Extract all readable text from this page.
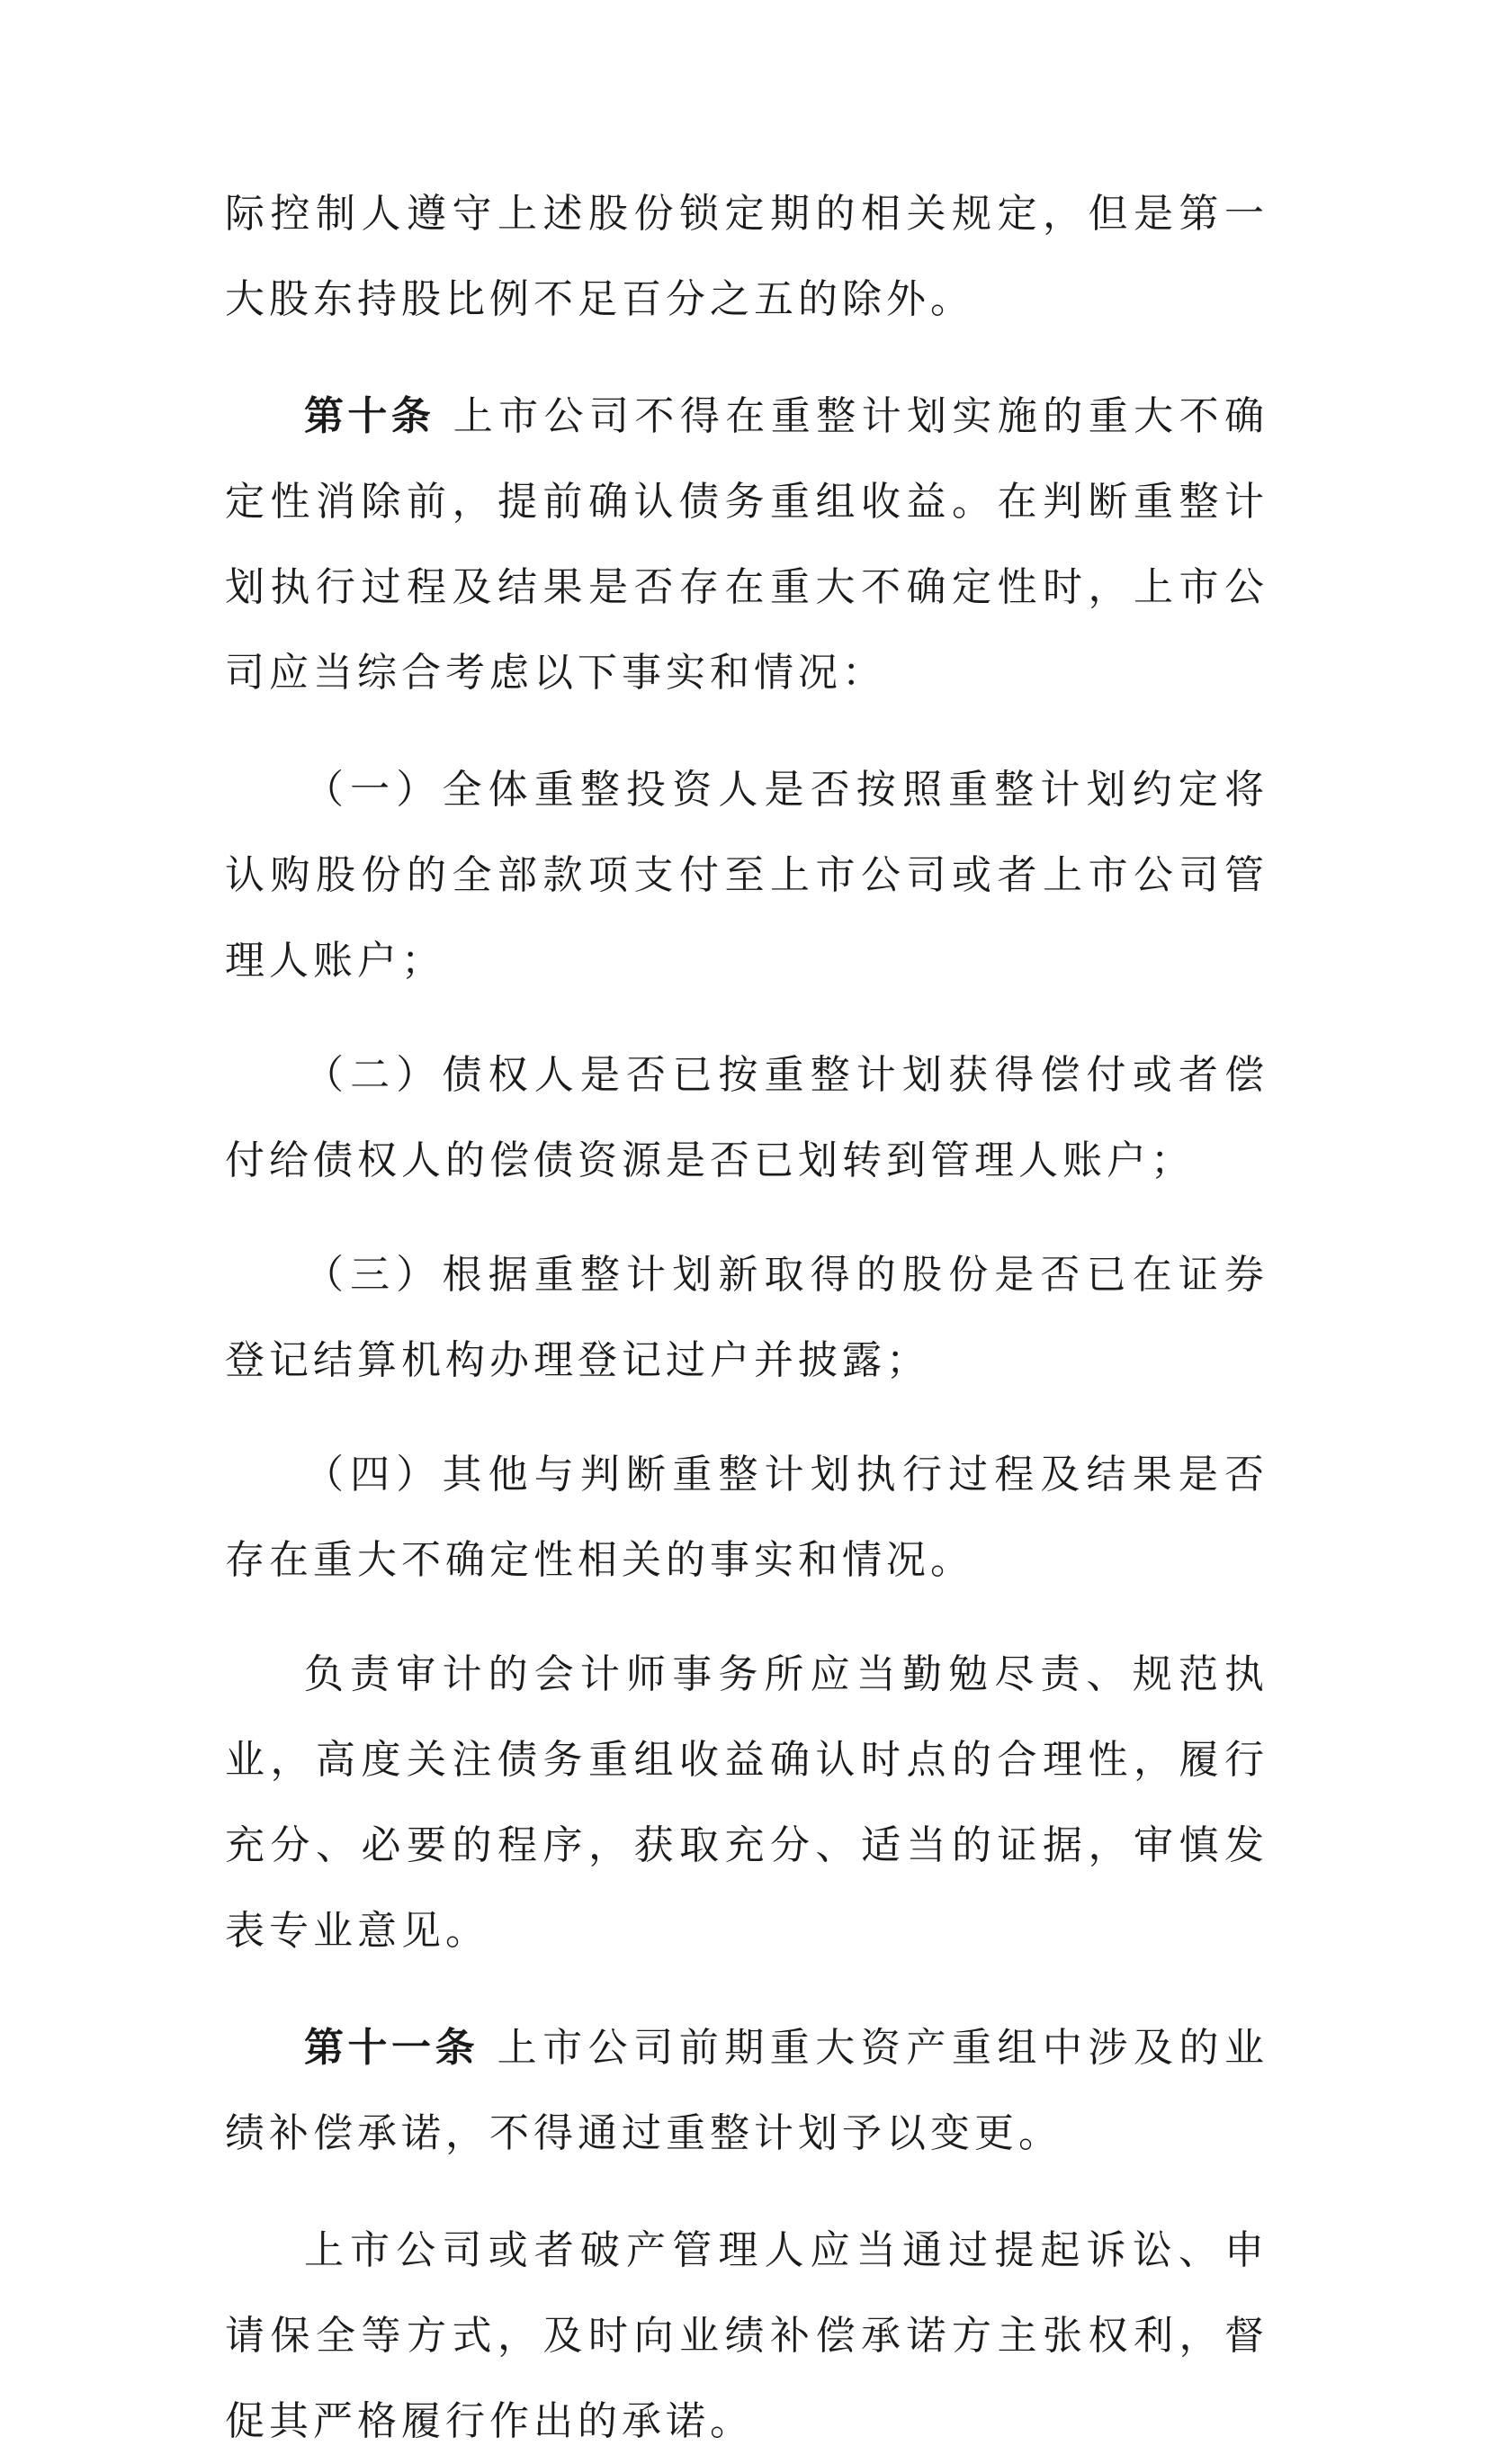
际控制人遵守上述股份锁定期的相关规定，但是第一大股东持股比例不足百分之五的除外。

第十条 上市公司不得在重整计划实施的重大不确定性消除前，提前确认债务重组收益。在判断重整计划执行过程及结果是否存在重大不确定性时，上市公司应当综合考虑以下事实和情况：

（一）全体重整投资人是否按照重整计划约定将认购股份的全部款项支付至上市公司或者上市公司管理人账户；

（二）债权人是否已按重整计划获得偿付或者偿付给债权人的偿债资源是否已划转到管理人账户；

（三）根据重整计划新取得的股份是否已在证券登记结算机构办理登记过户并披露；

（四）其他与判断重整计划执行过程及结果是否存在重大不确定性相关的事实和情况。

负责审计的会计师事务所应当勤勉尽责、规范执业，高度关注债务重组收益确认时点的合理性，履行充分、必要的程序，获取充分、适当的证据，审慎发表专业意见。

第十一条 上市公司前期重大资产重组中涉及的业绩补偿承诺，不得通过重整计划予以变更。

上市公司或者破产管理人应当通过提起诉讼、申请保全等方式，及时向业绩补偿承诺方主张权利，督促其严格履行作出的承诺。
